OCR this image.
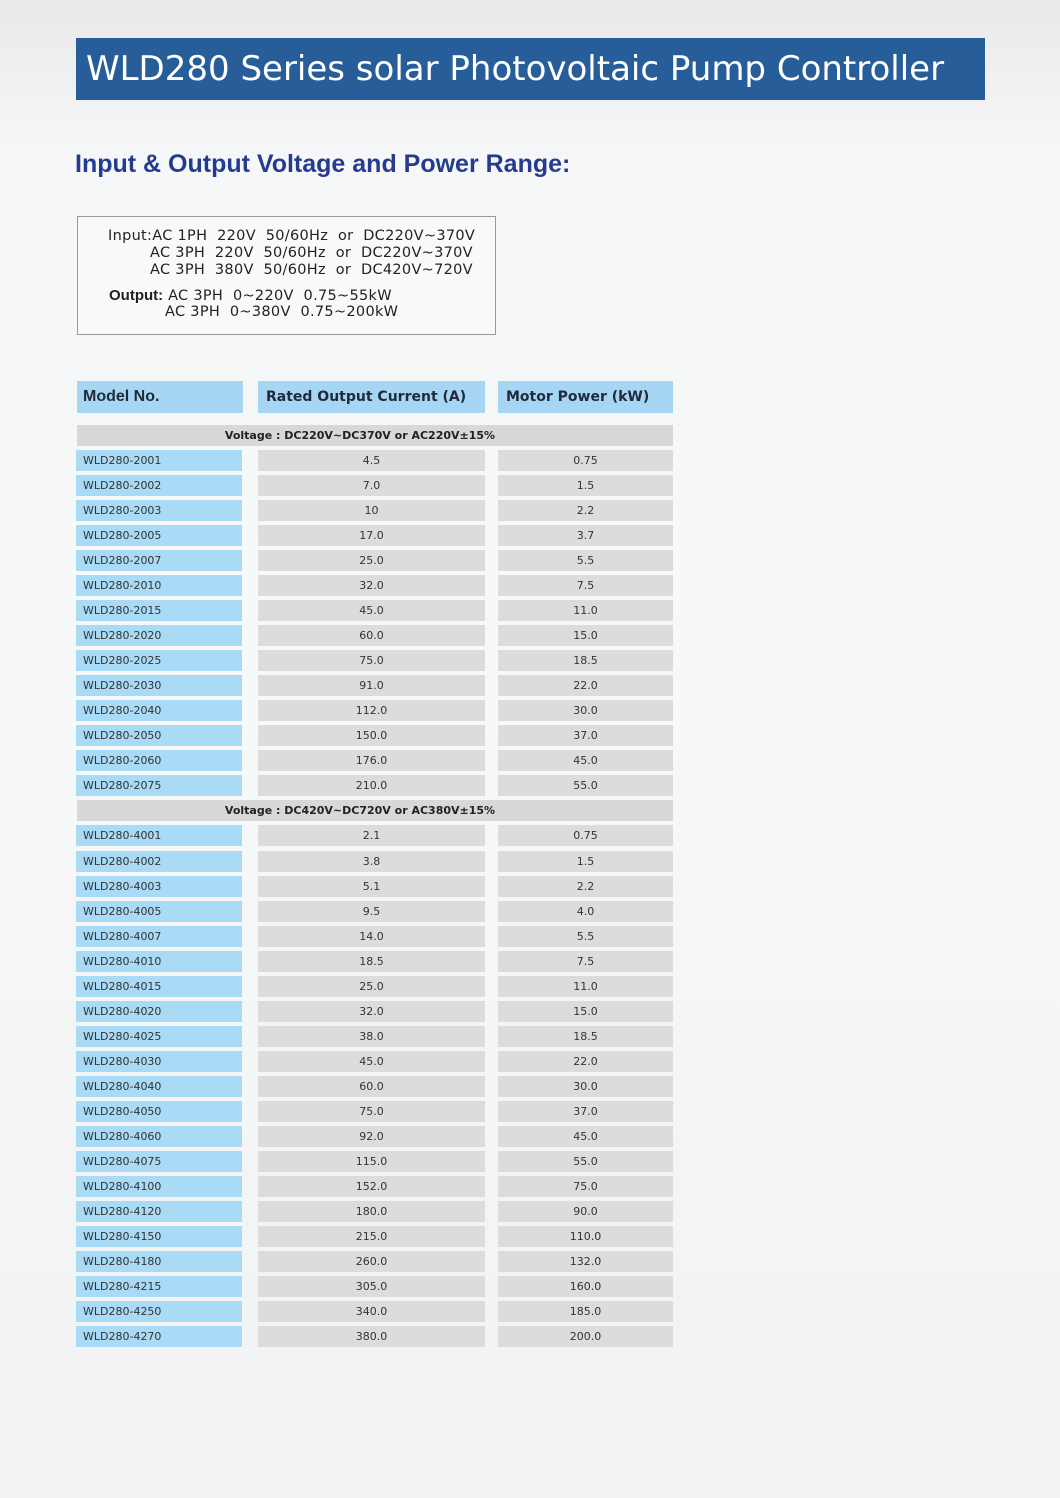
WLD280 Series solar Photovoltaic Pump Controller
Input & Output Voltage and Power Range:
Input:AC 1PH  220V  50/60Hz  or  DC220V~370V
AC 3PH  220V  50/60Hz  or  DC220V~370V
AC 3PH  380V  50/60Hz  or  DC420V~720V
Output: AC 3PH  0~220V  0.75~55kW
AC 3PH  0~380V  0.75~200kW
Model No.	Rated Output Current (A)	Motor Power (kW)
Voltage : DC220V~DC370V or AC220V±15%
WLD280-2001	4.5	0.75
WLD280-2002	7.0	1.5
WLD280-2003	10	2.2
WLD280-2005	17.0	3.7
WLD280-2007	25.0	5.5
WLD280-2010	32.0	7.5
WLD280-2015	45.0	11.0
WLD280-2020	60.0	15.0
WLD280-2025	75.0	18.5
WLD280-2030	91.0	22.0
WLD280-2040	112.0	30.0
WLD280-2050	150.0	37.0
WLD280-2060	176.0	45.0
WLD280-2075	210.0	55.0
Voltage : DC420V~DC720V or AC380V±15%
WLD280-4001	2.1	0.75
WLD280-4002	3.8	1.5
WLD280-4003	5.1	2.2
WLD280-4005	9.5	4.0
WLD280-4007	14.0	5.5
WLD280-4010	18.5	7.5
WLD280-4015	25.0	11.0
WLD280-4020	32.0	15.0
WLD280-4025	38.0	18.5
WLD280-4030	45.0	22.0
WLD280-4040	60.0	30.0
WLD280-4050	75.0	37.0
WLD280-4060	92.0	45.0
WLD280-4075	115.0	55.0
WLD280-4100	152.0	75.0
WLD280-4120	180.0	90.0
WLD280-4150	215.0	110.0
WLD280-4180	260.0	132.0
WLD280-4215	305.0	160.0
WLD280-4250	340.0	185.0
WLD280-4270	380.0	200.0
